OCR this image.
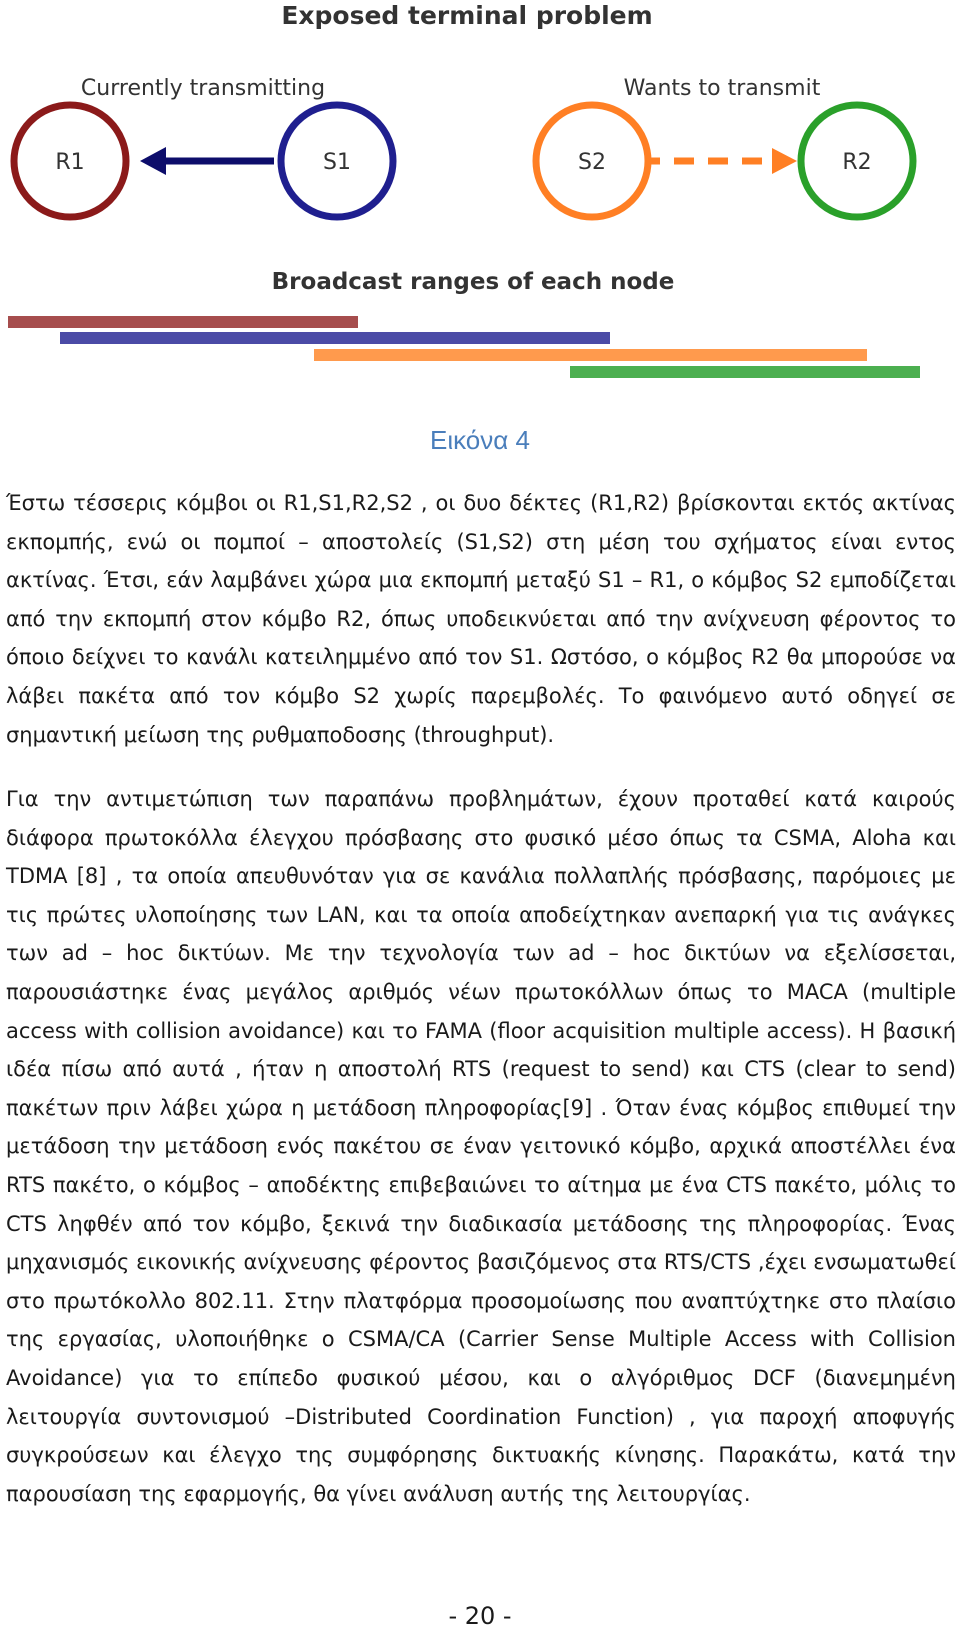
Exposed terminal problem
Currently transmitting	Wants to transmit
R1	S1	S2	R2
Broadcast ranges of each node
Εικόνα 4

Έστω τέσσερις κόμβοι οι R1,S1,R2,S2 , οι δυο δέκτες (R1,R2) βρίσκονται εκτός ακτίνας εκπομπής, ενώ οι πομποί – αποστολείς (S1,S2) στη μέση του σχήματος είναι εντος ακτίνας. Έτσι, εάν λαμβάνει χώρα μια εκπομπή μεταξύ S1 – R1, ο κόμβος S2 εμποδίζεται από την εκπομπή στον κόμβο R2, όπως υποδεικνύεται από την ανίχνευση φέροντος το όποιο δείχνει το κανάλι κατειλημμένο από τον S1. Ωστόσο, ο κόμβος R2 θα μπορούσε να λάβει πακέτα από τον κόμβο S2 χωρίς παρεμβολές. Το φαινόμενο αυτό οδηγεί σε σημαντική μείωση της ρυθμαποδοσης (throughput).

Για την αντιμετώπιση των παραπάνω προβλημάτων, έχουν προταθεί κατά καιρούς διάφορα πρωτοκόλλα έλεγχου πρόσβασης στο φυσικό μέσο όπως τα CSMA, Aloha και TDMA [8] , τα οποία απευθυνόταν για σε κανάλια πολλαπλής πρόσβασης, παρόμοιες με τις πρώτες υλοποίησης των LAN, και τα οποία αποδείχτηκαν ανεπαρκή για τις ανάγκες των ad – hoc δικτύων. Με την τεχνολογία των ad – hoc δικτύων να εξελίσσεται, παρουσιάστηκε ένας μεγάλος αριθμός νέων πρωτοκόλλων όπως το MACA (multiple access with collision avoidance) και το FAMA (floor acquisition multiple access). Η βασική ιδέα πίσω από αυτά , ήταν η αποστολή RTS (request to send) και CTS (clear to send) πακέτων πριν λάβει χώρα η μετάδοση πληροφορίας[9] . Όταν ένας κόμβος επιθυμεί την μετάδοση την μετάδοση ενός πακέτου σε έναν γειτονικό κόμβο, αρχικά αποστέλλει ένα RTS πακέτο, ο κόμβος – αποδέκτης επιβεβαιώνει το αίτημα με ένα CTS πακέτο, μόλις το CTS ληφθέν από τον κόμβο, ξεκινά την διαδικασία μετάδοσης της πληροφορίας. Ένας μηχανισμός εικονικής ανίχνευσης φέροντος βασιζόμενος στα RTS/CTS ,έχει ενσωματωθεί στο πρωτόκολλο 802.11. Στην πλατφόρμα προσομοίωσης που αναπτύχτηκε στο πλαίσιο της εργασίας, υλοποιήθηκε ο CSMA/CA (Carrier Sense Multiple Access with Collision Avoidance) για το επίπεδο φυσικού μέσου, και ο αλγόριθμος DCF (διανεμημένη λειτουργία συντονισμού –Distributed Coordination Function) , για παροχή αποφυγής συγκρούσεων και έλεγχο της συμφόρησης δικτυακής κίνησης. Παρακάτω, κατά την παρουσίαση της εφαρμογής, θα γίνει ανάλυση αυτής της λειτουργίας.

- 20 -
